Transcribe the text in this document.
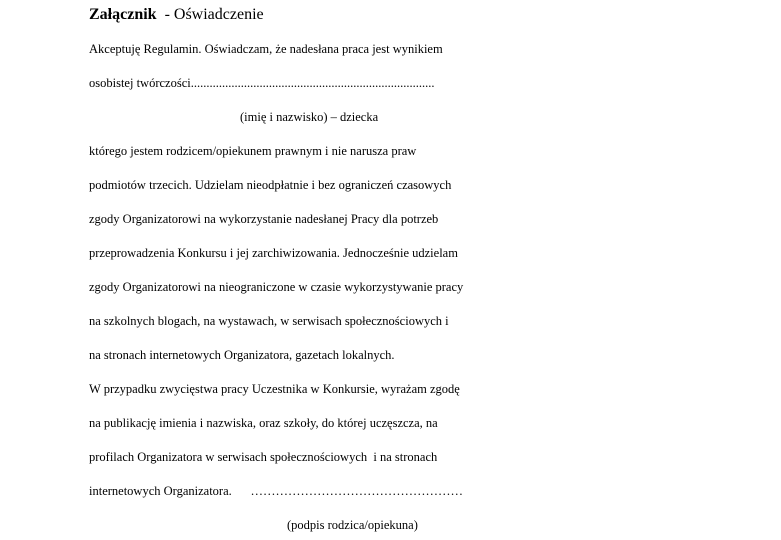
Załącznik  - Oświadczenie
Akceptuję Regulamin. Oświadczam, że nadesłana praca jest wynikiem
osobistej twórczości..............................................................................
(imię i nazwisko) – dziecka
którego jestem rodzicem/opiekunem prawnym i nie narusza praw
podmiotów trzecich. Udzielam nieodpłatnie i bez ograniczeń czasowych
zgody Organizatorowi na wykorzystanie nadesłanej Pracy dla potrzeb
przeprowadzenia Konkursu i jej zarchiwizowania. Jednocześnie udzielam
zgody Organizatorowi na nieograniczone w czasie wykorzystywanie pracy
na szkolnych blogach, na wystawach, w serwisach społecznościowych i
na stronach internetowych Organizatora, gazetach lokalnych.
W przypadku zwycięstwa pracy Uczestnika w Konkursie, wyrażam zgodę
na publikację imienia i nazwiska, oraz szkoły, do której uczęszcza, na
profilach Organizatora w serwisach społecznościowych  i na stronach
internetowych Organizatora.      ……………………………………………
(podpis rodzica/opiekuna)
